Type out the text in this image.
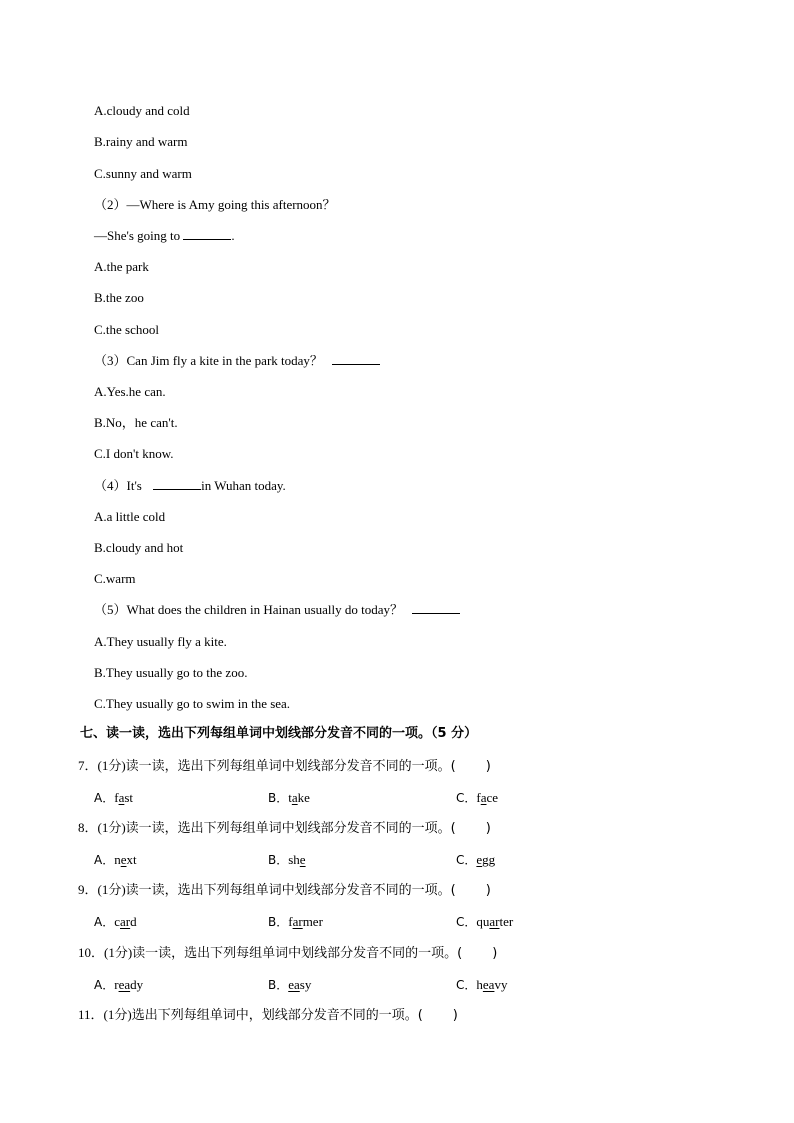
A.cloudy and cold
B.rainy and warm
C.sunny and warm
（2）—Where is Amy going this afternoon？
—She's going to	.
A.the park
B.the zoo
C.the school
（3）Can Jim fly a kite in the park today？
A.Yes.he can.
B.No，he can't.
C.I don't know.
（4）It's	in Wuhan today.
A.a little cold
B.cloudy and hot
C.warm
（5）What does the children in Hainan usually do today？
A.They usually fly a kite.
B.They usually go to the zoo.
C.They usually go to swim in the sea.
七、读一读，选出下列每组单词中划线部分发音不同的一项。（5 分）
7．(1分)读一读，选出下列每组单词中划线部分发音不同的一项。( )
A．fast	B．take	C．face
8．(1分)读一读，选出下列每组单词中划线部分发音不同的一项。( )
A．next	B．she	C．egg
9．(1分)读一读，选出下列每组单词中划线部分发音不同的一项。( )
A．card	B．farmer	C．quarter
10．(1分)读一读，选出下列每组单词中划线部分发音不同的一项。( )
A．ready	B．easy	C．heavy
11．(1分)选出下列每组单词中，划线部分发音不同的一项。( )
